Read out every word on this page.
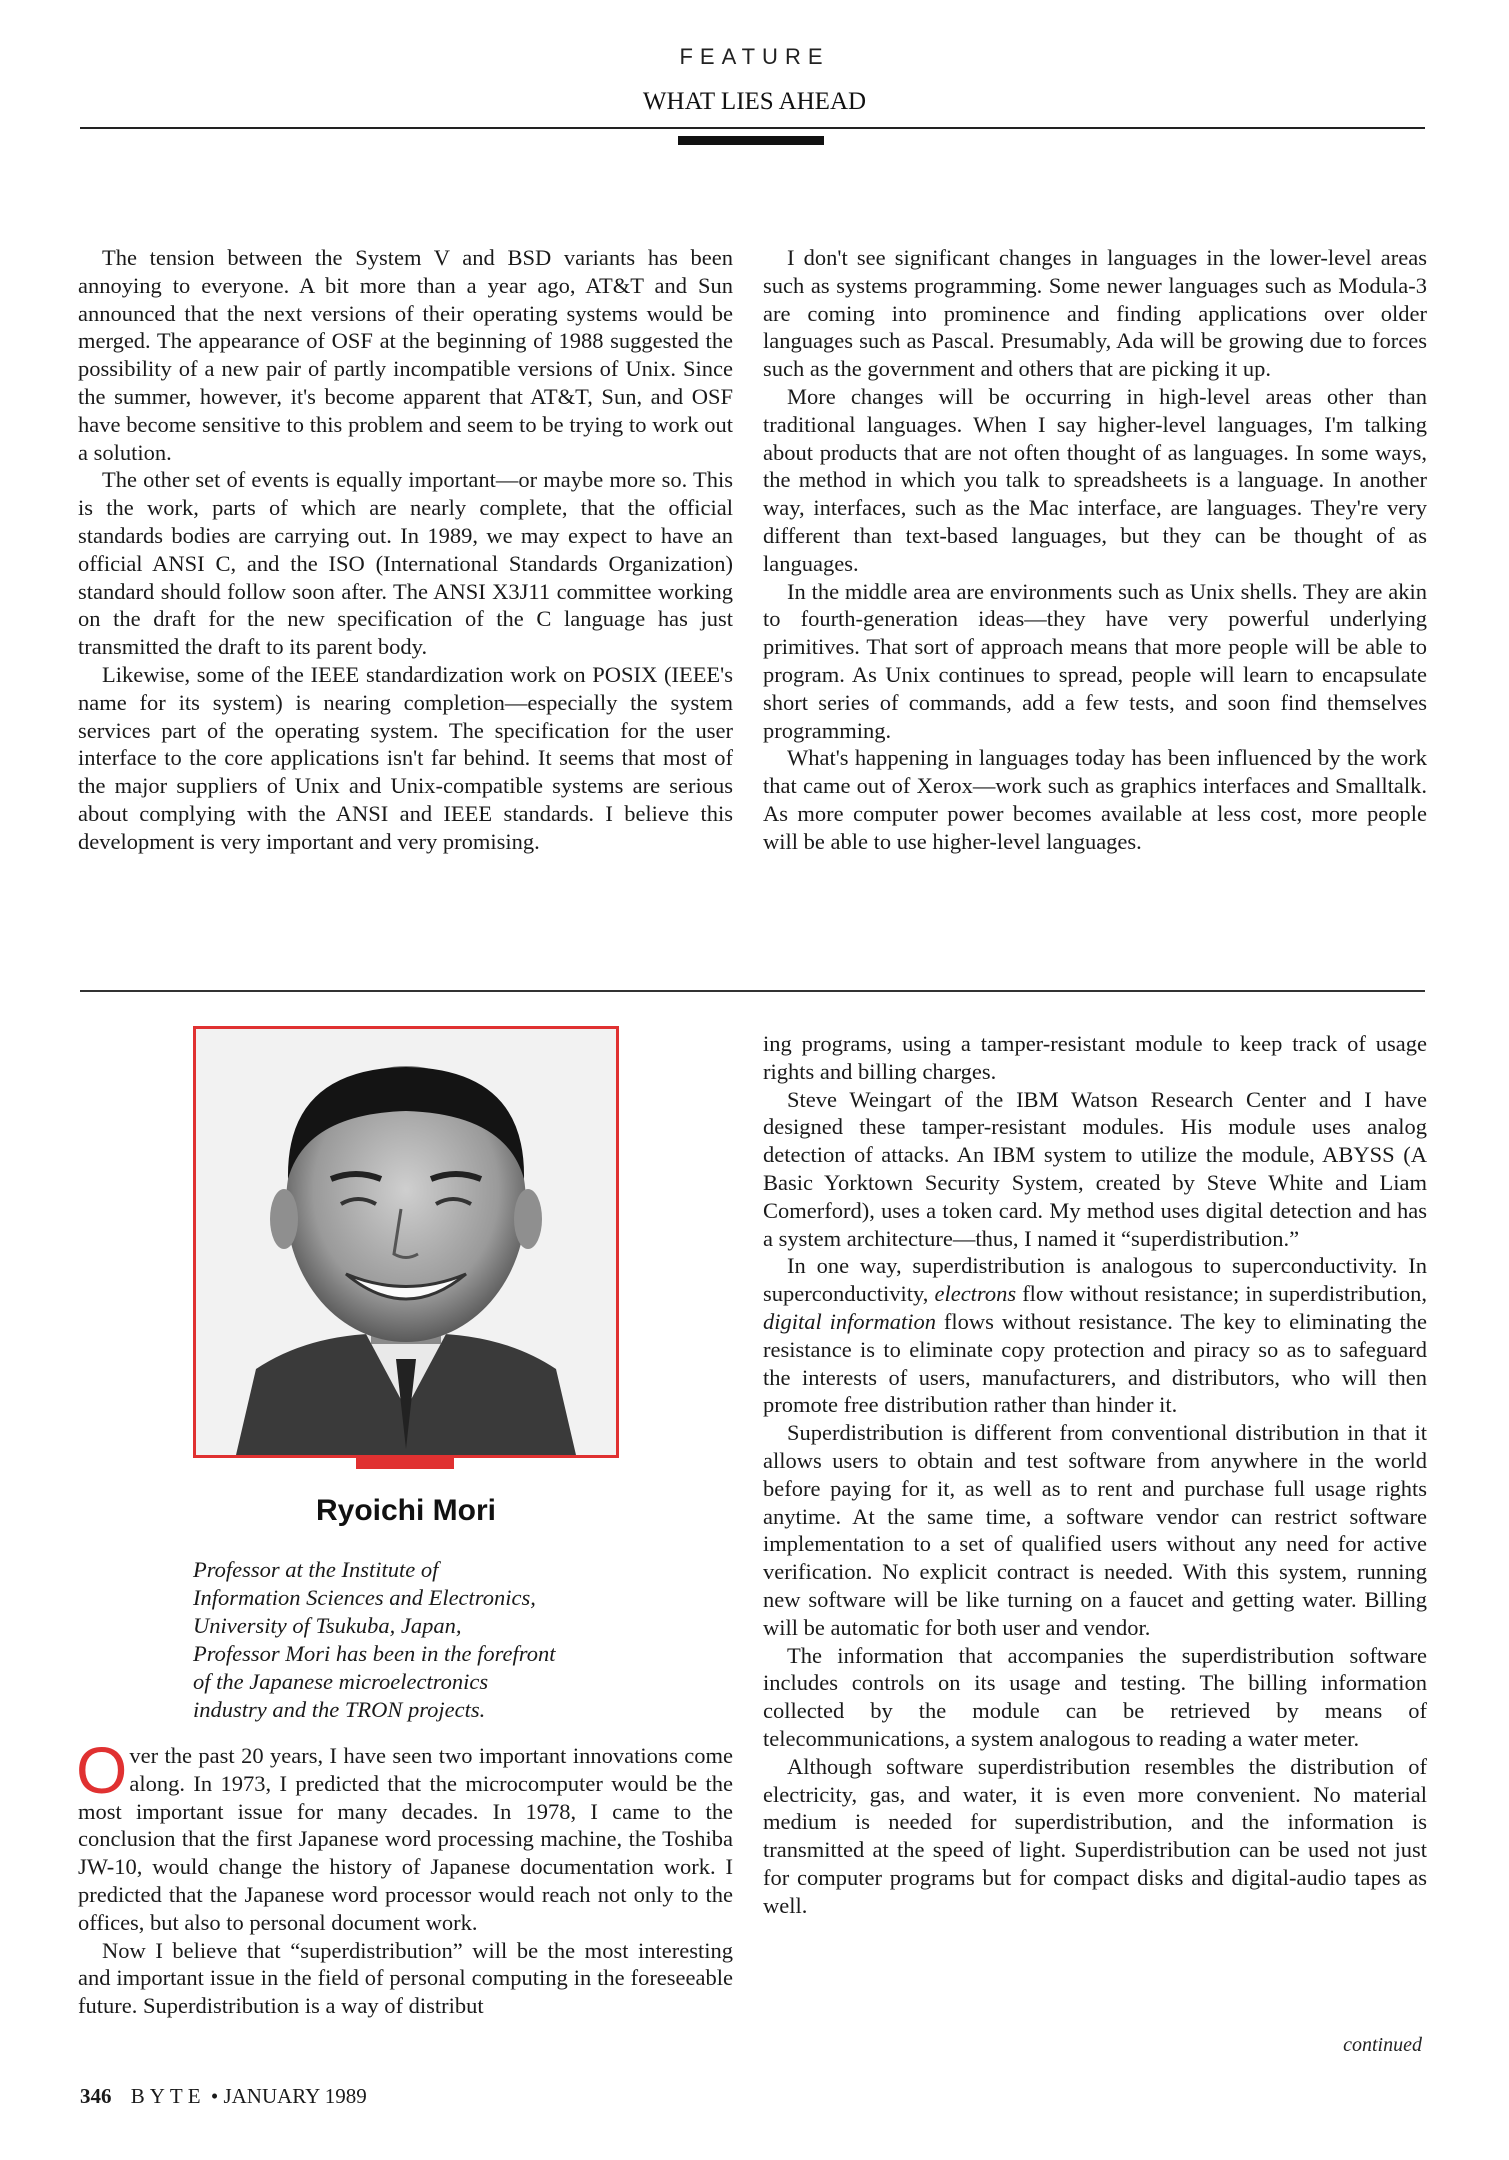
FEATURE
WHAT LIES AHEAD

The tension between the System V and BSD variants has been annoying to everyone. A bit more than a year ago, AT&T and Sun announced that the next versions of their operating systems would be merged. The appearance of OSF at the beginning of 1988 suggested the possibility of a new pair of partly incompatible versions of Unix. Since the summer, however, it's become apparent that AT&T, Sun, and OSF have become sensitive to this problem and seem to be trying to work out a solution.

The other set of events is equally important—or maybe more so. This is the work, parts of which are nearly complete, that the official standards bodies are carrying out. In 1989, we may expect to have an official ANSI C, and the ISO (International Standards Organization) standard should follow soon after. The ANSI X3J11 committee working on the draft for the new specification of the C language has just transmitted the draft to its parent body.

Likewise, some of the IEEE standardization work on POSIX (IEEE's name for its system) is nearing completion—especially the system services part of the operating system. The specification for the user interface to the core applications isn't far behind. It seems that most of the major suppliers of Unix and Unix-compatible systems are serious about complying with the ANSI and IEEE standards. I believe this development is very important and very promising.

I don't see significant changes in languages in the lower-level areas such as systems programming. Some newer languages such as Modula-3 are coming into prominence and finding applications over older languages such as Pascal. Presumably, Ada will be growing due to forces such as the government and others that are picking it up.

More changes will be occurring in high-level areas other than traditional languages. When I say higher-level languages, I'm talking about products that are not often thought of as languages. In some ways, the method in which you talk to spreadsheets is a language. In another way, interfaces, such as the Mac interface, are languages. They're very different than text-based languages, but they can be thought of as languages.

In the middle area are environments such as Unix shells. They are akin to fourth-generation ideas—they have very powerful underlying primitives. That sort of approach means that more people will be able to program. As Unix continues to spread, people will learn to encapsulate short series of commands, add a few tests, and soon find themselves programming.

What's happening in languages today has been influenced by the work that came out of Xerox—work such as graphics interfaces and Smalltalk. As more computer power becomes available at less cost, more people will be able to use higher-level languages.

Ryoichi Mori
Professor at the Institute of
Information Sciences and Electronics,
University of Tsukuba, Japan,
Professor Mori has been in the forefront
of the Japanese microelectronics
industry and the TRON projects.

Over the past 20 years, I have seen two important innovations come along. In 1973, I predicted that the microcomputer would be the most important issue for many decades. In 1978, I came to the conclusion that the first Japanese word processing machine, the Toshiba JW-10, would change the history of Japanese documentation work. I predicted that the Japanese word processor would reach not only to the offices, but also to personal document work.

Now I believe that “superdistribution” will be the most interesting and important issue in the field of personal computing in the foreseeable future. Superdistribution is a way of distribut

ing programs, using a tamper-resistant module to keep track of usage rights and billing charges.

Steve Weingart of the IBM Watson Research Center and I have designed these tamper-resistant modules. His module uses analog detection of attacks. An IBM system to utilize the module, ABYSS (A Basic Yorktown Security System, created by Steve White and Liam Comerford), uses a token card. My method uses digital detection and has a system architecture—thus, I named it “superdistribution.”

In one way, superdistribution is analogous to superconductivity. In superconductivity, electrons flow without resistance; in superdistribution, digital information flows without resistance. The key to eliminating the resistance is to eliminate copy protection and piracy so as to safeguard the interests of users, manufacturers, and distributors, who will then promote free distribution rather than hinder it.

Superdistribution is different from conventional distribution in that it allows users to obtain and test software from anywhere in the world before paying for it, as well as to rent and purchase full usage rights anytime. At the same time, a software vendor can restrict software implementation to a set of qualified users without any need for active verification. No explicit contract is needed. With this system, running new software will be like turning on a faucet and getting water. Billing will be automatic for both user and vendor.

The information that accompanies the superdistribution software includes controls on its usage and testing. The billing information collected by the module can be retrieved by means of telecommunications, a system analogous to reading a water meter.

Although software superdistribution resembles the distribution of electricity, gas, and water, it is even more convenient. No material medium is needed for superdistribution, and the information is transmitted at the speed of light. Superdistribution can be used not just for computer programs but for compact disks and digital-audio tapes as well.

continued
346 BYTE • JANUARY 1989
